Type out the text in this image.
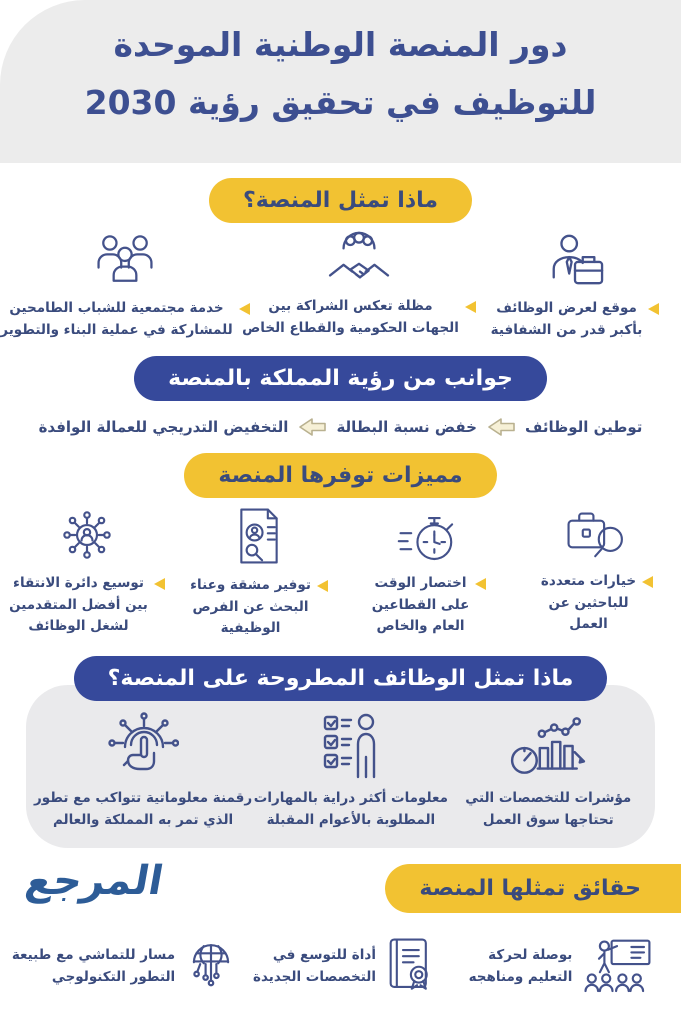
دور المنصة الوطنية الموحدة
للتوظيف في تحقيق رؤية 2030
ماذا تمثل المنصة؟
موقع لعرض الوظائف
بأكبر قدر من الشفافية
مظلة تعكس الشراكة بين
الجهات الحكومية والقطاع الخاص
خدمة مجتمعية للشباب الطامحين
للمشاركة في عملية البناء والتطوير
جوانب من رؤية المملكة بالمنصة
توطين الوظائف
خفض نسبة البطالة
التخفيض التدريجي للعمالة الوافدة
مميزات توفرها المنصة
خيارات متعددة
للباحثين عن
العمل
اختصار الوقت
على القطاعين
العام والخاص
توفير مشقة وعناء
البحث عن الفرص
الوظيفية
توسيع دائرة الانتقاء
بين أفضل المتقدمين
لشغل الوظائف
ماذا تمثل الوظائف المطروحة على المنصة؟
مؤشرات للتخصصات التي
تحتاجها سوق العمل
معلومات أكثر دراية بالمهارات
المطلوبة بالأعوام المقبلة
رقمنة معلوماتية تتواكب مع تطور
الذي تمر به المملكة والعالم
المرجع	حقائق تمثلها المنصة
بوصلة لحركة
التعليم ومناهجه
أداة للتوسع في
التخصصات الجديدة
مسار للتماشي مع طبيعة
التطور التكنولوجي
